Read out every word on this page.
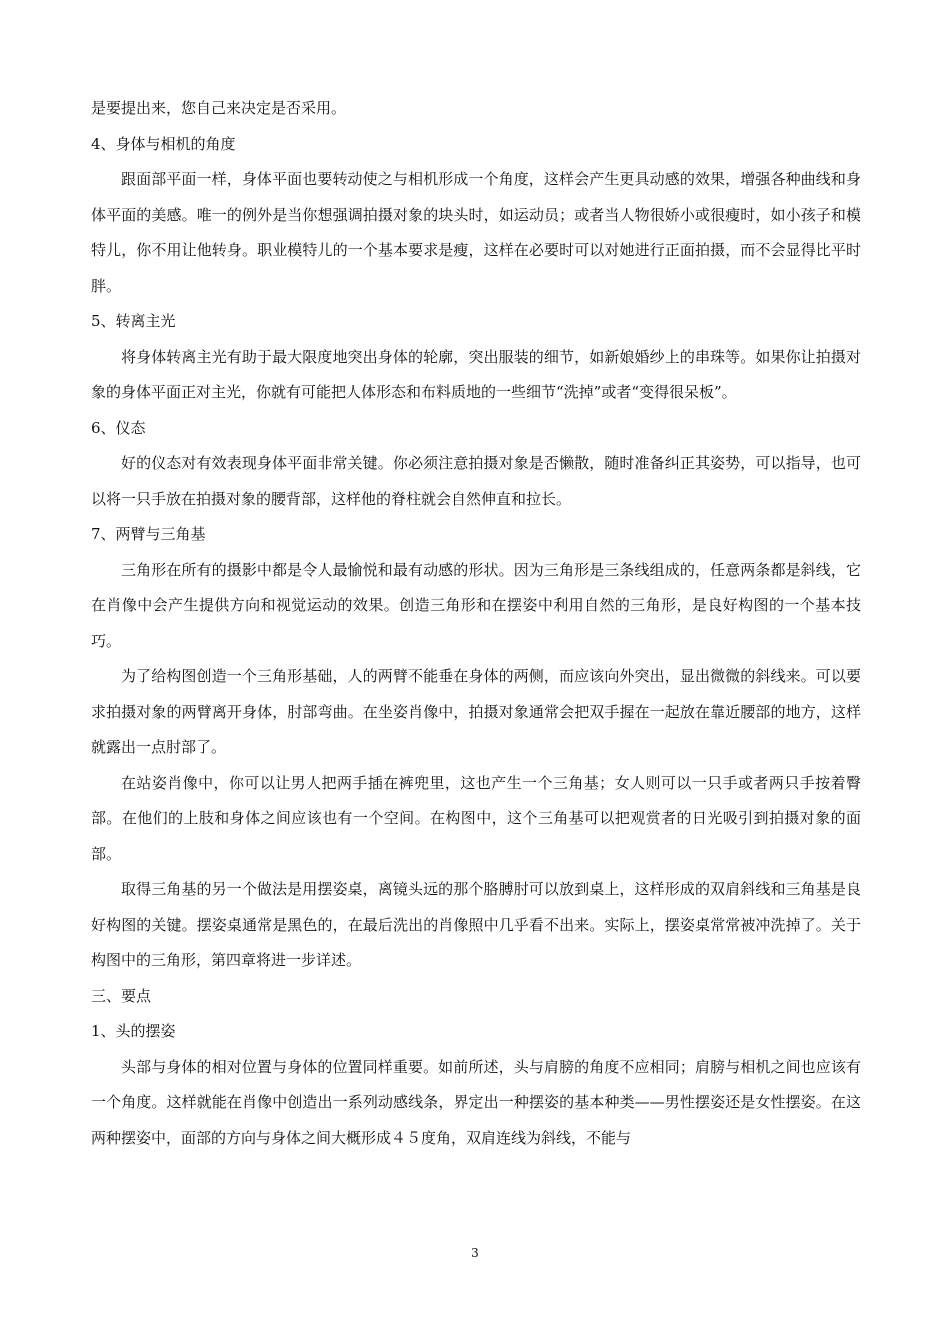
是要提出来，您自己来决定是否采用。

4、身体与相机的角度

跟面部平面一样，身体平面也要转动使之与相机形成一个角度，这样会产生更具动感的效果，增强各种曲线和身体平面的美感。唯一的例外是当你想强调拍摄对象的块头时，如运动员；或者当人物很娇小或很瘦时，如小孩子和模特儿，你不用让他转身。职业模特儿的一个基本要求是瘦，这样在必要时可以对她进行正面拍摄，而不会显得比平时胖。

5、转离主光

将身体转离主光有助于最大限度地突出身体的轮廓，突出服装的细节，如新娘婚纱上的串珠等。如果你让拍摄对象的身体平面正对主光，你就有可能把人体形态和布料质地的一些细节“洗掉”或者“变得很呆板”。

6、仪态

好的仪态对有效表现身体平面非常关键。你必须注意拍摄对象是否懒散，随时准备纠正其姿势，可以指导，也可以将一只手放在拍摄对象的腰背部，这样他的脊柱就会自然伸直和拉长。

7、两臂与三角基

三角形在所有的摄影中都是令人最愉悦和最有动感的形状。因为三角形是三条线组成的，任意两条都是斜线，它在肖像中会产生提供方向和视觉运动的效果。创造三角形和在摆姿中利用自然的三角形，是良好构图的一个基本技巧。

为了给构图创造一个三角形基础，人的两臂不能垂在身体的两侧，而应该向外突出，显出微微的斜线来。可以要求拍摄对象的两臂离开身体，肘部弯曲。在坐姿肖像中，拍摄对象通常会把双手握在一起放在靠近腰部的地方，这样就露出一点肘部了。

在站姿肖像中，你可以让男人把两手插在裤兜里，这也产生一个三角基；女人则可以一只手或者两只手按着臀部。在他们的上肢和身体之间应该也有一个空间。在构图中，这个三角基可以把观赏者的日光吸引到拍摄对象的面部。

取得三角基的另一个做法是用摆姿桌，离镜头远的那个胳膊肘可以放到桌上，这样形成的双肩斜线和三角基是良好构图的关键。摆姿桌通常是黑色的，在最后洗出的肖像照中几乎看不出来。实际上，摆姿桌常常被冲洗掉了。关于构图中的三角形，第四章将进一步详述。

三、要点

1、头的摆姿

头部与身体的相对位置与身体的位置同样重要。如前所述，头与肩膀的角度不应相同；肩膀与相机之间也应该有一个角度。这样就能在肖像中创造出一系列动感线条，界定出一种摆姿的基本种类——男性摆姿还是女性摆姿。在这两种摆姿中，面部的方向与身体之间大概形成４５度角，双肩连线为斜线，不能与

3
